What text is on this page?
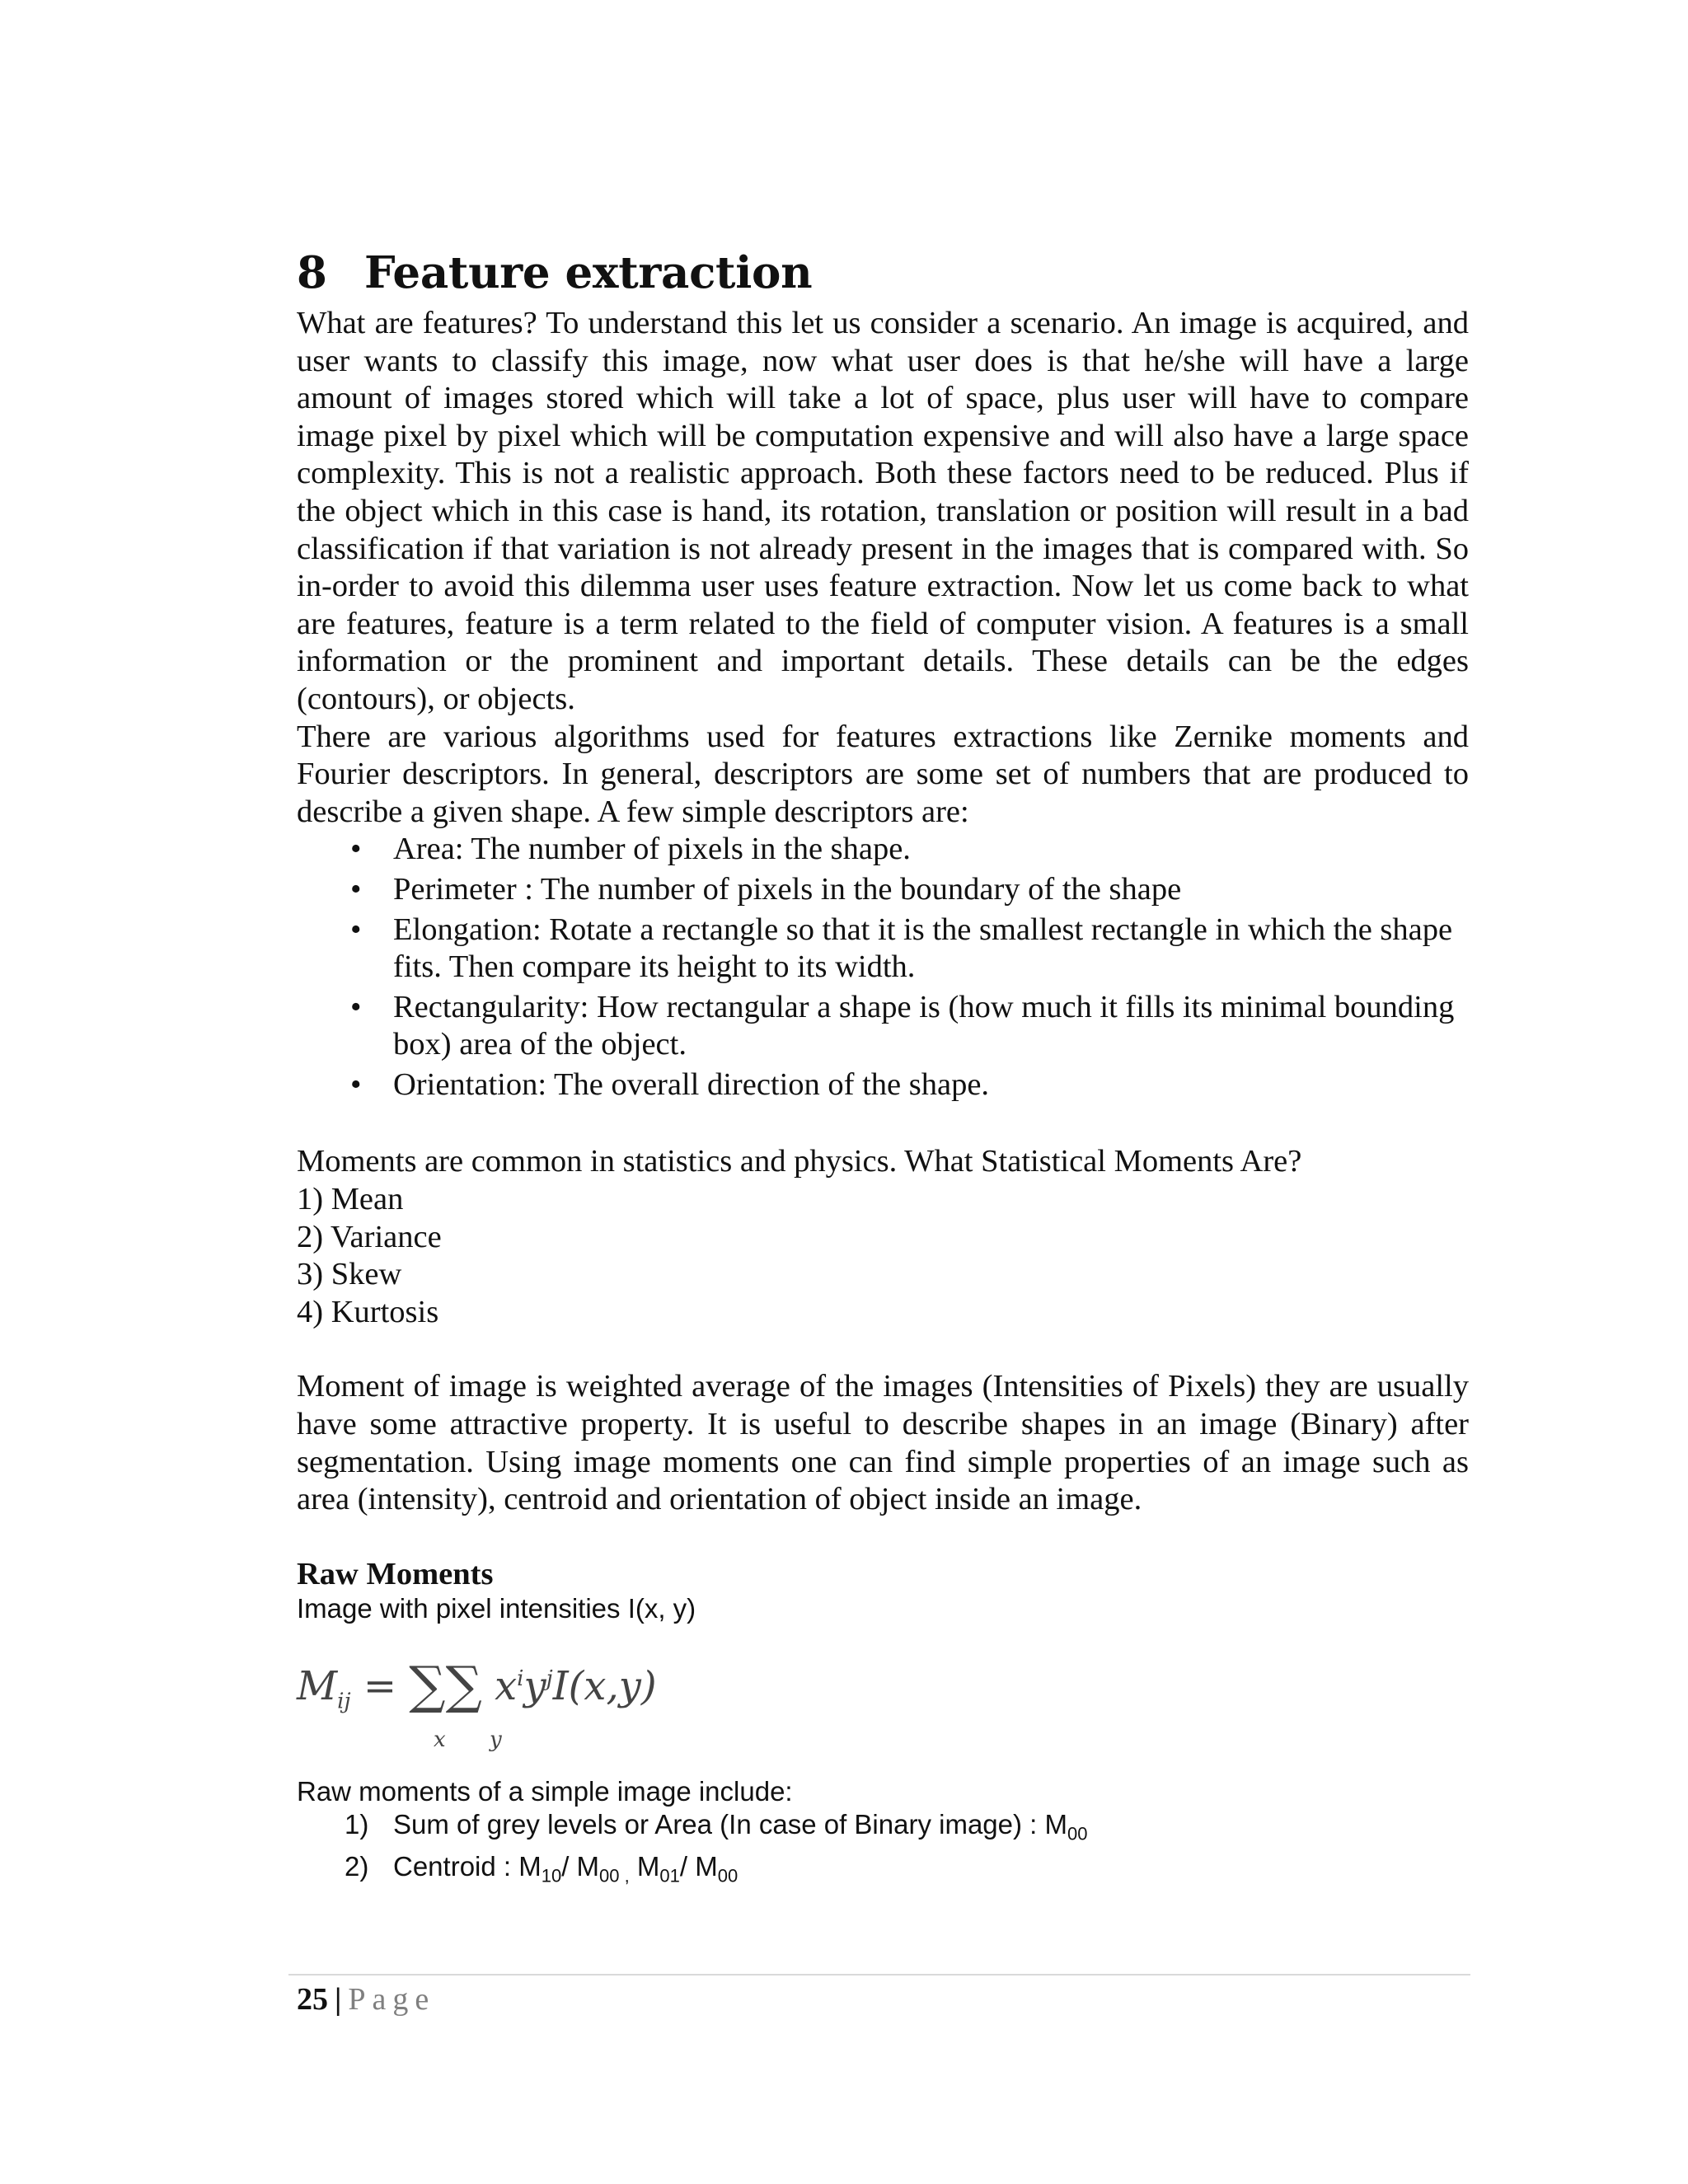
8 Feature extraction

What are features? To understand this let us consider a scenario. An image is acquired, and user wants to classify this image, now what user does is that he/she will have a large amount of images stored which will take a lot of space, plus user will have to compare image pixel by pixel which will be computation expensive and will also have a large space complexity. This is not a realistic approach. Both these factors need to be reduced. Plus if the object which in this case is hand, its rotation, translation or position will result in a bad classification if that variation is not already present in the images that is compared with. So in-order to avoid this dilemma user uses feature extraction. Now let us come back to what are features, feature is a term related to the field of computer vision. A features is a small information or the prominent and important details. These details can be the edges (contours), or objects.

There are various algorithms used for features extractions like Zernike moments and Fourier descriptors. In general, descriptors are some set of numbers that are produced to describe a given shape. A few simple descriptors are:

• Area: The number of pixels in the shape.
• Perimeter : The number of pixels in the boundary of the shape
• Elongation: Rotate a rectangle so that it is the smallest rectangle in which the shape fits. Then compare its height to its width.
• Rectangularity: How rectangular a shape is (how much it fills its minimal bounding box) area of the object.
• Orientation: The overall direction of the shape.

Moments are common in statistics and physics. What Statistical Moments Are?

1) Mean
2) Variance
3) Skew
4) Kurtosis

Moment of image is weighted average of the images (Intensities of Pixels) they are usually have some attractive property. It is useful to describe shapes in an image (Binary) after segmentation. Using image moments one can find simple properties of an image such as area (intensity), centroid and orientation of object inside an image.

Raw Moments

Image with pixel intensities I(x, y)

$M_{ij}$ = ∑∑ $x^iy^jI(x,y)$
x y

Raw moments of a simple image include:

1) Sum of grey levels or Area (In case of Binary image) : $M_{00}$
2) Centroid : $M_{10}/$ $M_{00 ,}$ $M_{01}/$ $M_{00}$
25 | Page
